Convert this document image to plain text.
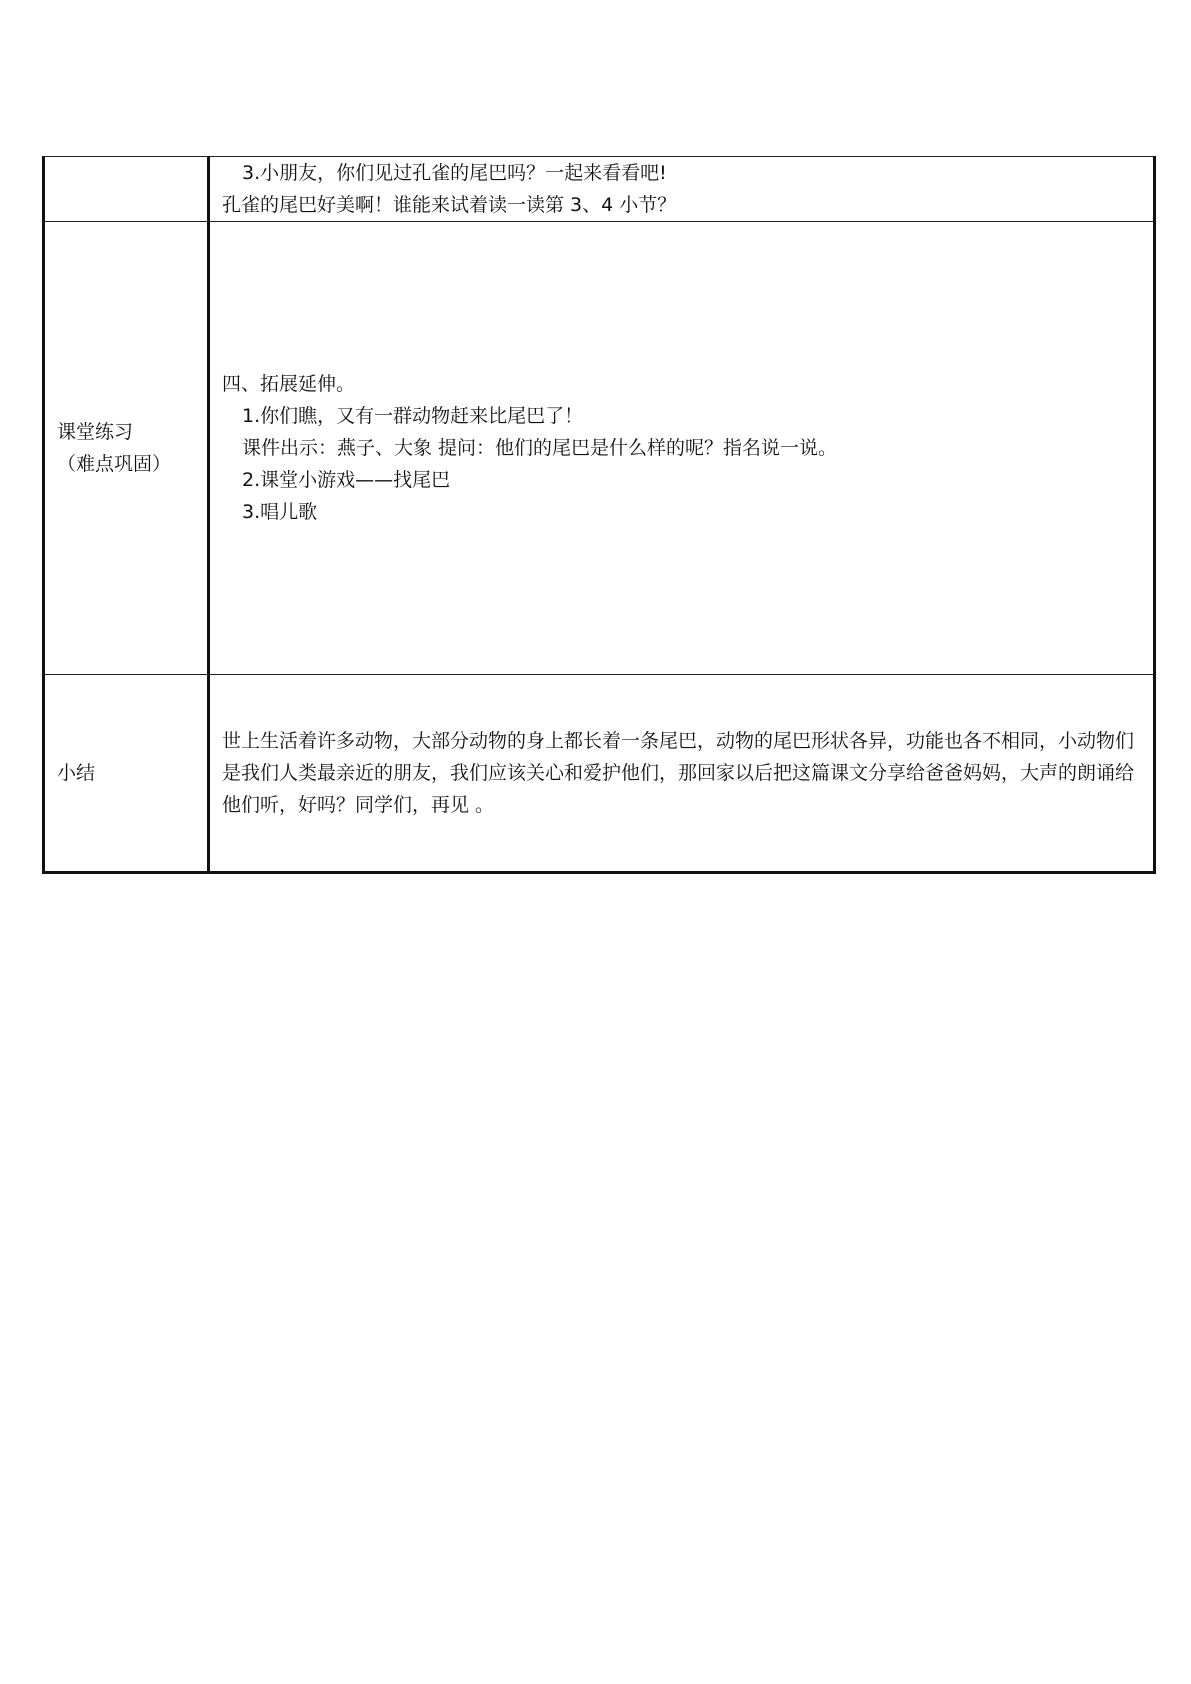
	3.小朋友，你们见过孔雀的尾巴吗？一起来看看吧!
孔雀的尾巴好美啊！谁能来试着读一读第 3、4 小节？

课堂练习
（难点巩固）	四、拓展延伸。
1.你们瞧，又有一群动物赶来比尾巴了！
课件出示：燕子、大象 提问：他们的尾巴是什么样的呢？指名说一说。
2.课堂小游戏——找尾巴
3.唱儿歌

小结	世上生活着许多动物，大部分动物的身上都长着一条尾巴，动物的尾巴形状各异，功能也各不相同，小动物们是我们人类最亲近的朋友，我们应该关心和爱护他们，那回家以后把这篇课文分享给爸爸妈妈，大声的朗诵给他们听，好吗？同学们，再见 。
